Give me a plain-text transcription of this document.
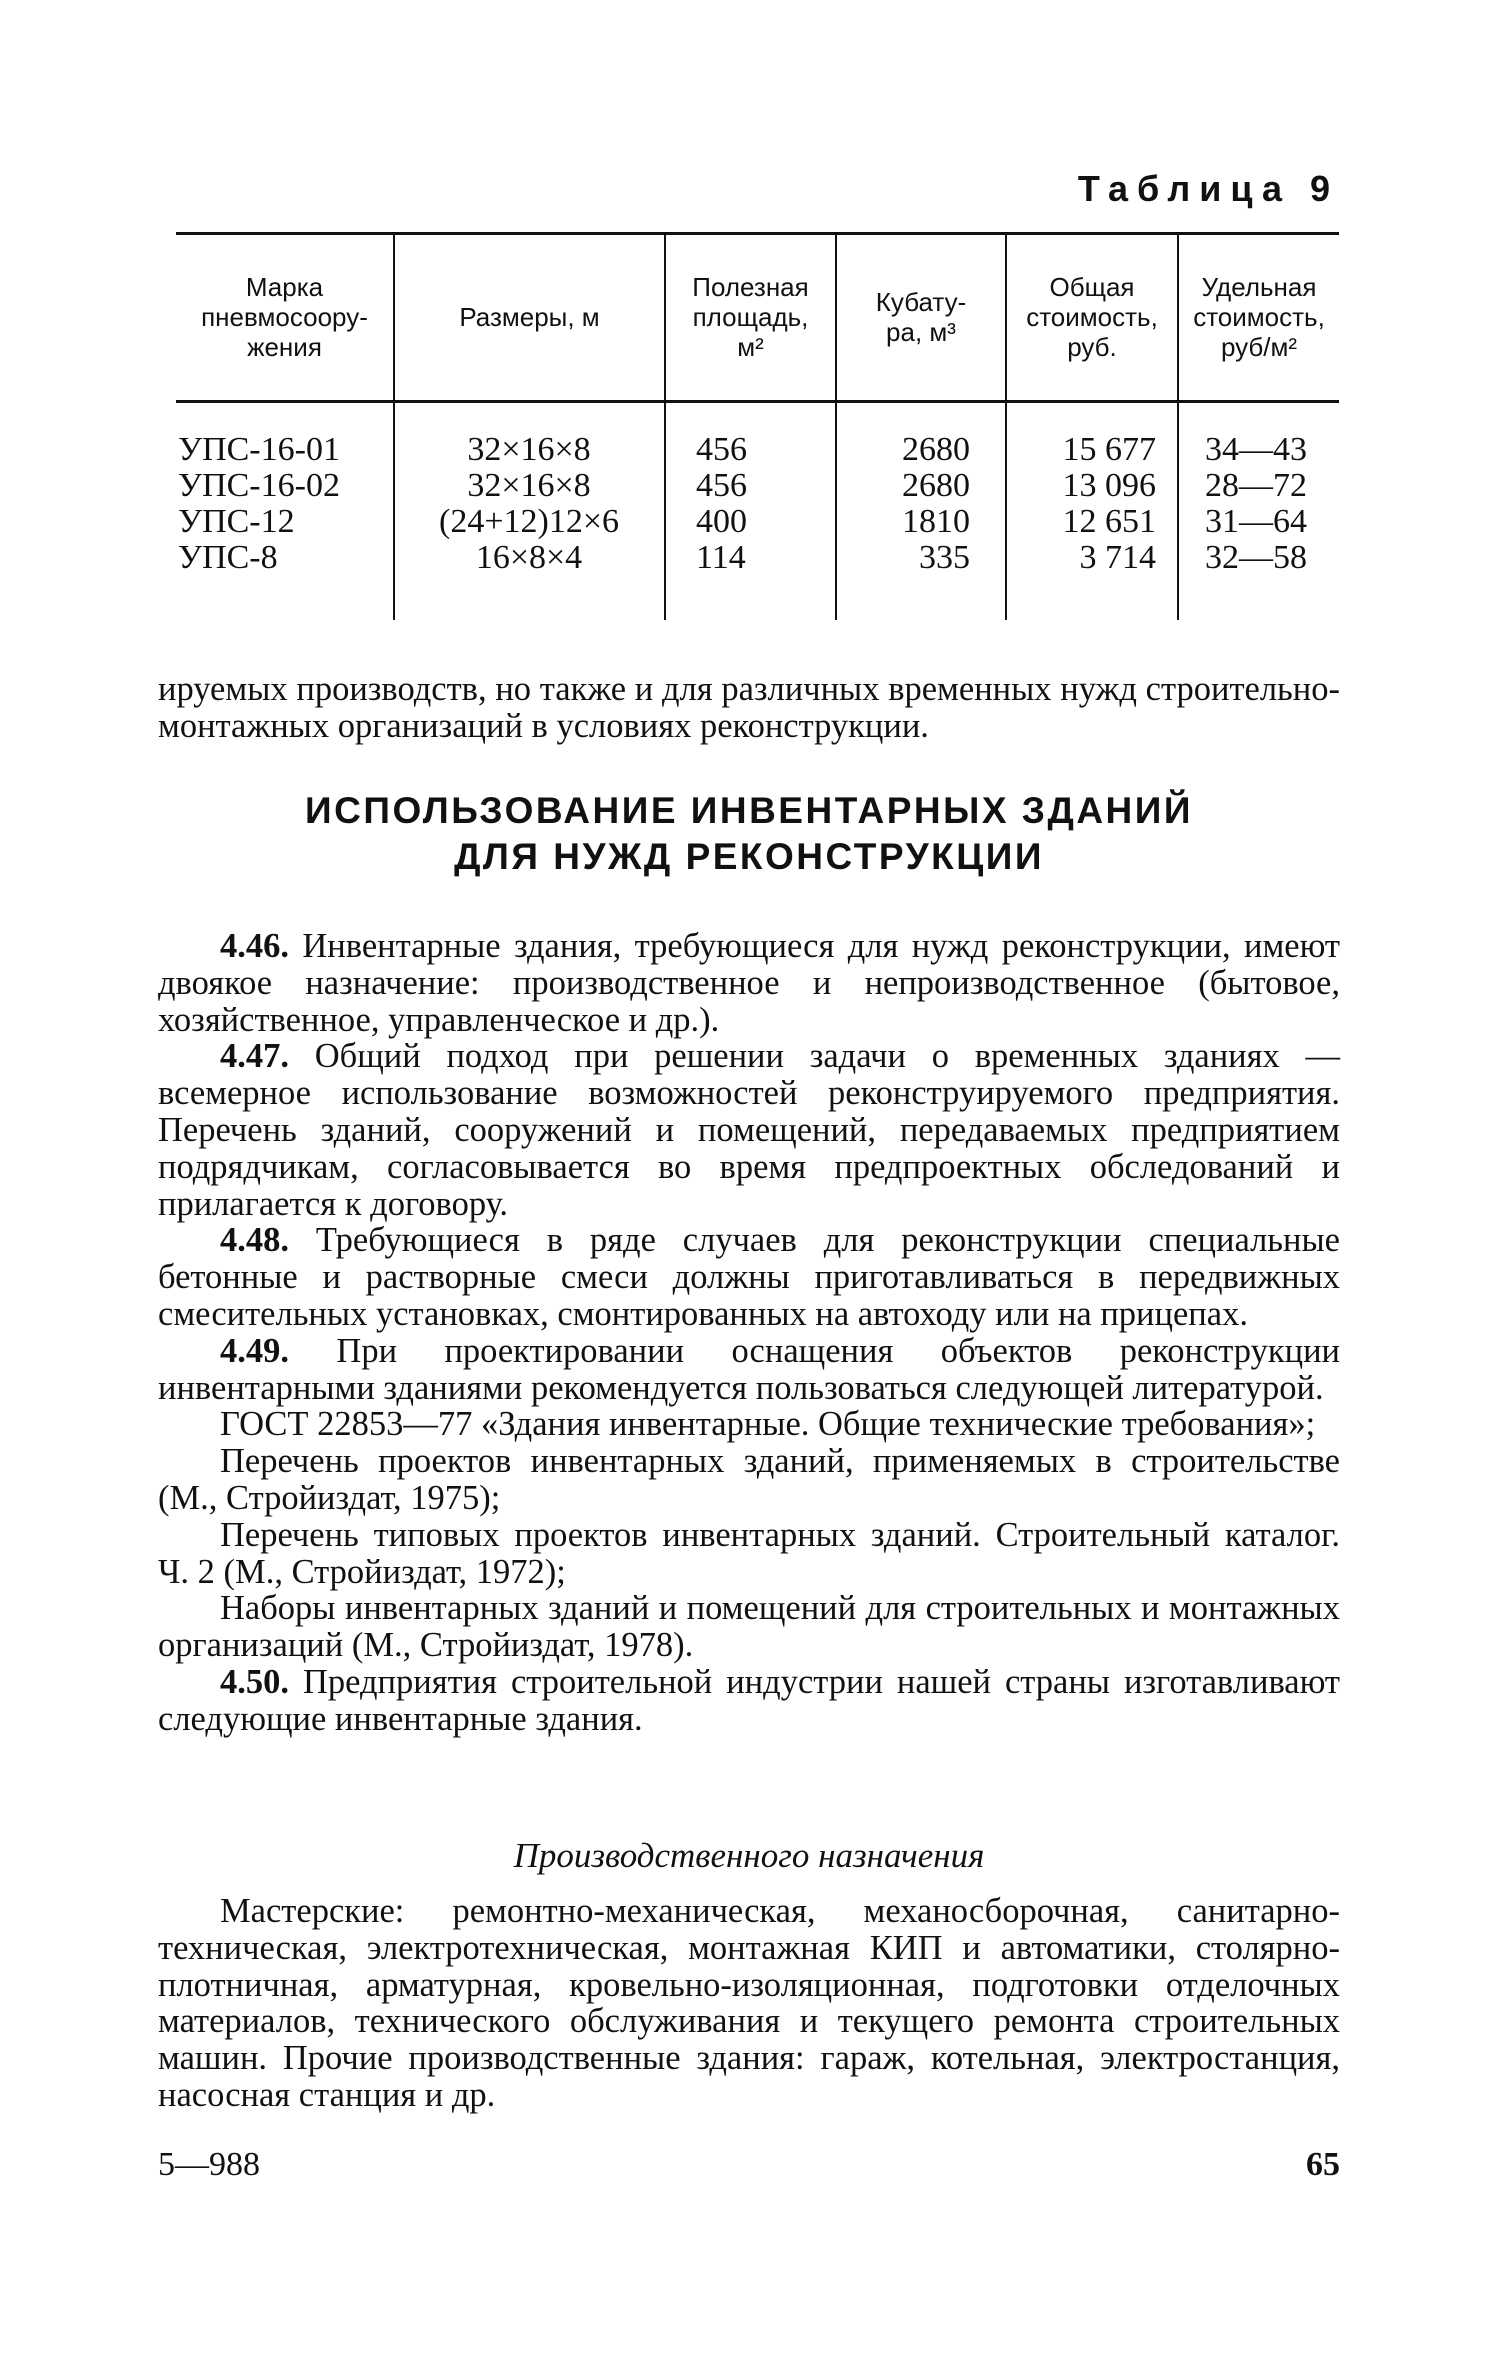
Таблица 9
Марка
пневмосоору-
жения
Размеры, м
Полезная
площадь,
м²
Кубату-
ра, м³
Общая
стоимость,
руб.
Удельная
стоимость,
руб/м²
УПС-16-01
УПС-16-02
УПС-12
УПС-8
32×16×8
32×16×8
(24+12)12×6
16×8×4
456
456
400
114
2680
2680
1810
335
15 677
13 096
12 651
3 714
34—43
28—72
31—64
32—58

ируемых производств, но также и для различных временных нужд строительно-монтажных организаций в условиях реконструкции.

ИСПОЛЬЗОВАНИЕ ИНВЕНТАРНЫХ ЗДАНИЙ
ДЛЯ НУЖД РЕКОНСТРУКЦИИ

4.46. Инвентарные здания, требующиеся для нужд реконструкции, имеют двоякое назначение: производственное и непроизводственное (бытовое, хозяйственное, управленческое и др.).

4.47. Общий подход при решении задачи о временных зданиях — всемерное использование возможностей реконструируемого предприятия. Перечень зданий, сооружений и помещений, передаваемых предприятием подрядчикам, согласовывается во время предпроектных обследований и прилагается к договору.

4.48. Требующиеся в ряде случаев для реконструкции специальные бетонные и растворные смеси должны приготавливаться в передвижных смесительных установках, смонтированных на автоходу или на прицепах.

4.49. При проектировании оснащения объектов реконструкции инвентарными зданиями рекомендуется пользоваться следующей литературой.

ГОСТ 22853—77 «Здания инвентарные. Общие технические требования»;

Перечень проектов инвентарных зданий, применяемых в строительстве (М., Стройиздат, 1975);

Перечень типовых проектов инвентарных зданий. Строительный каталог. Ч. 2 (М., Стройиздат, 1972);

Наборы инвентарных зданий и помещений для строительных и монтажных организаций (М., Стройиздат, 1978).

4.50. Предприятия строительной индустрии нашей страны изготавливают следующие инвентарные здания.

Производственного назначения

Мастерские: ремонтно-механическая, механосборочная, санитарно-техническая, электротехническая, монтажная КИП и автоматики, столярно-плотничная, арматурная, кровельно-изоляционная, подготовки отделочных материалов, технического обслуживания и текущего ремонта строительных машин. Прочие производственные здания: гараж, котельная, электростанция, насосная станция и др.

5—988	65
